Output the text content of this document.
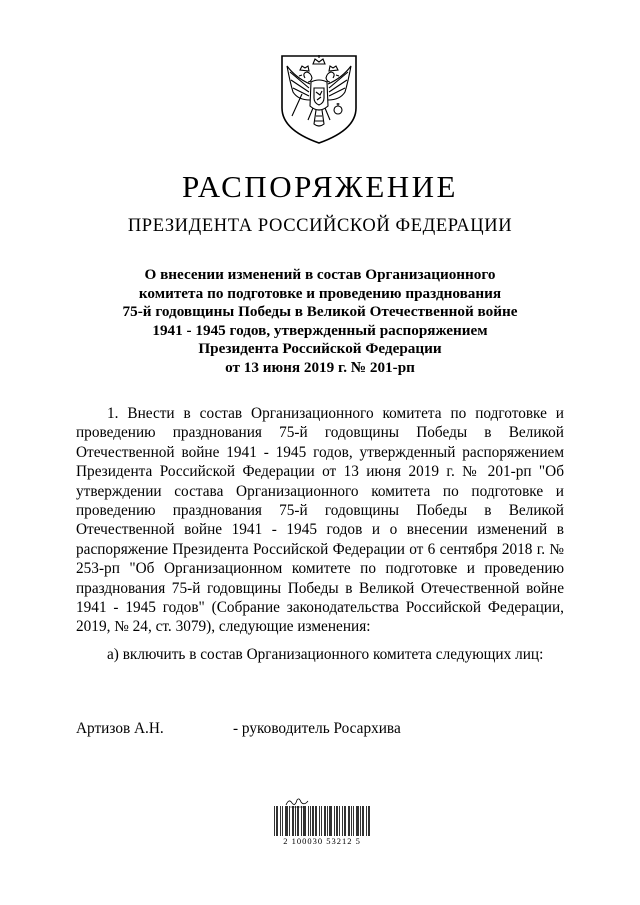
РАСПОРЯЖЕНИЕ
ПРЕЗИДЕНТА РОССИЙСКОЙ ФЕДЕРАЦИИ
О внесении изменений в состав Организационного
комитета по подготовке и проведению празднования
75-й годовщины Победы в Великой Отечественной войне
1941 - 1945 годов, утвержденный распоряжением
Президента Российской Федерации
от 13 июня 2019 г. № 201-рп

1. Внести в состав Организационного комитета по подготовке и проведению празднования 75-й годовщины Победы в Великой Отечественной войне 1941 - 1945 годов, утвержденный распоряжением Президента Российской Федерации от 13 июня 2019 г. № 201-рп "Об утверждении состава Организационного комитета по подготовке и проведению празднования 75-й годовщины Победы в Великой Отечественной войне 1941 - 1945 годов и о внесении изменений в распоряжение Президента Российской Федерации от 6 сентября 2018 г. № 253-рп "Об Организационном комитете по подготовке и проведению празднования 75-й годовщины Победы в Великой Отечественной войне 1941 - 1945 годов" (Собрание законодательства Российской Федерации, 2019, № 24, ст. 3079), следующие изменения:

а) включить в состав Организационного комитета следующих лиц:

Артизов А.Н.	- руководитель Росархива
2 100030 53212 5
